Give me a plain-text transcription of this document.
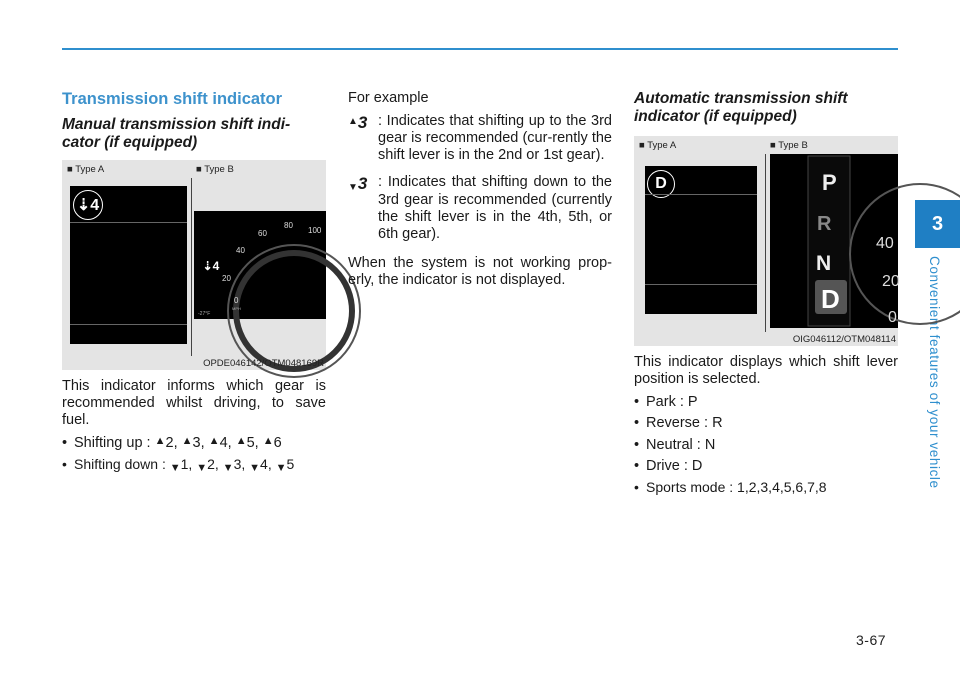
3
Convenient features of your vehicle
3-67
Transmission shift indicator
Manual transmission shift indi-cator (if equipped)
■ Type A	■ Type B
⇣4
20
40
60
80
100
0
MPH
-27°F
⇣4
OPDE046142/OTM048169R

This indicator informs which gear is recommended whilst driving, to save fuel.

• Shifting up : ▲2, ▲3, ▲4, ▲5, ▲6
• Shifting down : ▼1, ▼2, ▼3, ▼4, ▼5

For example

▲3 : Indicates that shifting up to the 3rd gear is recommended (cur-rently the shift lever is in the 2nd or 1st gear).
▼3 : Indicates that shifting down to the 3rd gear is recommended (currently the shift lever is in the 4th, 5th, or 6th gear).

When the system is not working prop-erly, the indicator is not displayed.

Automatic transmission shift indicator (if equipped)
■ Type A	■ Type B
D	P
R
N
D
40
20
0
OIG046112/OTM048114

This indicator displays which shift lever position is selected.

• Park : P
• Reverse : R
• Neutral : N
• Drive : D
• Sports mode : 1,2,3,4,5,6,7,8
